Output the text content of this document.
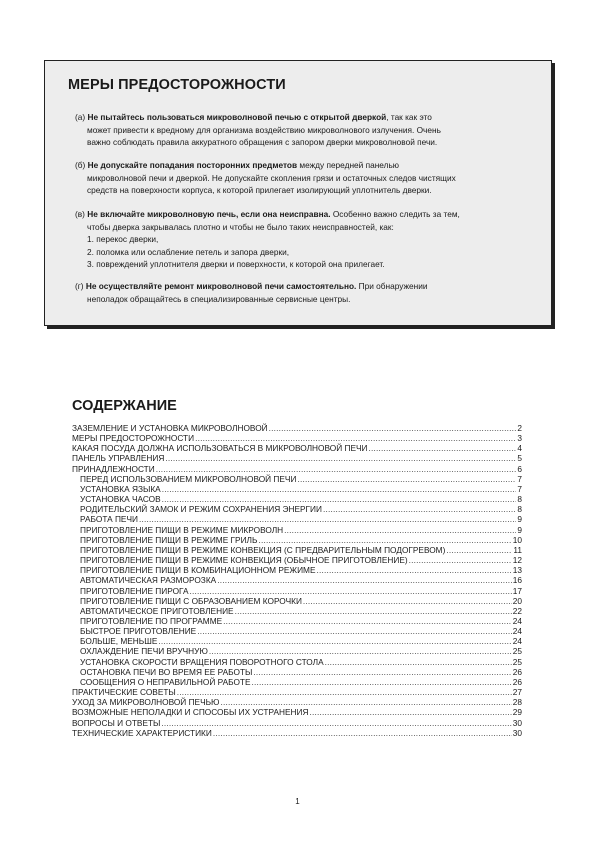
МЕРЫ ПРЕДОСТОРОЖНОСТИ
(а) Не пытайтесь пользоваться микроволновой печью с открытой дверкой, так как это
может привести к вредному для организма воздействию микроволнового излучения. Очень
важно соблюдать правила аккуратного обращения с запором дверки микроволновой печи.
(б) Не допускайте попадания посторонних предметов между передней панелью
микроволновой печи и дверкой. Не допускайте скопления грязи и остаточных следов чистящих
средств на поверхности корпуса, к которой прилегает изолирующий уплотнитель дверки.
(в) Не включайте микроволновую печь, если она неисправна. Особенно важно следить за тем,
чтобы дверка закрывалась плотно и чтобы не было таких неисправностей, как:
1. перекос дверки,
2. поломка или ослабление петель и запора дверки,
3. повреждений уплотнителя дверки и поверхности, к которой она прилегает.
(г) Не осуществляйте ремонт микроволновой печи самостоятельно. При обнаружении
неполадок обращайтесь в специализированные сервисные центры.
СОДЕРЖАНИЕ
ЗАЗЕМЛЕНИЕ И УСТАНОВКА МИКРОВОЛНОВОЙ .....	2
МЕРЫ ПРЕДОСТОРОЖНОСТИ .....	3
КАКАЯ ПОСУДА ДОЛЖНА ИСПОЛЬЗОВАТЬСЯ В МИКРОВОЛНОВОЙ ПЕЧИ .....	4
ПАНЕЛЬ УПРАВЛЕНИЯ .....	5
ПРИНАДЛЕЖНОСТИ .....	6
ПЕРЕД ИСПОЛЬЗОВАНИЕМ МИКРОВОЛНОВОЙ ПЕЧИ .....	7
УСТАНОВКА ЯЗЫКА .....	7
УСТАНОВКА ЧАСОВ .....	8
РОДИТЕЛЬСКИЙ ЗАМОК И РЕЖИМ СОХРАНЕНИЯ ЭНЕРГИИ .....	8
РАБОТА ПЕЧИ .....	9
ПРИГОТОВЛЕНИЕ ПИЩИ В РЕЖИМЕ МИКРОВОЛН .....	9
ПРИГОТОВЛЕНИЕ ПИЩИ В РЕЖИМЕ ГРИЛЬ .....	10
ПРИГОТОВЛЕНИЕ ПИЩИ В РЕЖИМЕ КОНВЕКЦИЯ (С ПРЕДВАРИТЕЛЬНЫМ ПОДОГРЕВОМ) .....	11
ПРИГОТОВЛЕНИЕ ПИЩИ В РЕЖИМЕ КОНВЕКЦИЯ (ОБЫЧНОЕ ПРИГОТОВЛЕНИЕ) .....	12
ПРИГОТОВЛЕНИЕ ПИЩИ В КОМБИНАЦИОННОМ РЕЖИМЕ .....	13
АВТОМАТИЧЕСКАЯ РАЗМОРОЗКА .....	16
ПРИГОТОВЛЕНИЕ ПИРОГА .....	17
ПРИГОТОВЛЕНИЕ ПИЩИ С ОБРАЗОВАНИЕМ КОРОЧКИ .....	20
АВТОМАТИЧЕСКОЕ ПРИГОТОВЛЕНИЕ .....	22
ПРИГОТОВЛЕНИЕ ПО ПРОГРАММЕ .....	24
БЫСТРОЕ ПРИГОТОВЛЕНИЕ .....	24
БОЛЬШЕ, МЕНЬШЕ .....	24
ОХЛАЖДЕНИЕ ПЕЧИ ВРУЧНУЮ .....	25
УСТАНОВКА СКОРОСТИ ВРАЩЕНИЯ ПОВОРОТНОГО СТОЛА .....	25
ОСТАНОВКА ПЕЧИ ВО ВРЕМЯ ЕЕ РАБОТЫ .....	26
СООБЩЕНИЯ О НЕПРАВИЛЬНОЙ РАБОТЕ .....	26
ПРАКТИЧЕСКИЕ СОВЕТЫ .....	27
УХОД ЗА МИКРОВОЛНОВОЙ ПЕЧЬЮ .....	28
ВОЗМОЖНЫЕ НЕПОЛАДКИ И СПОСОБЫ ИХ УСТРАНЕНИЯ .....	29
ВОПРОСЫ И ОТВЕТЫ .....	30
ТЕХНИЧЕСКИЕ ХАРАКТЕРИСТИКИ .....	30
1
